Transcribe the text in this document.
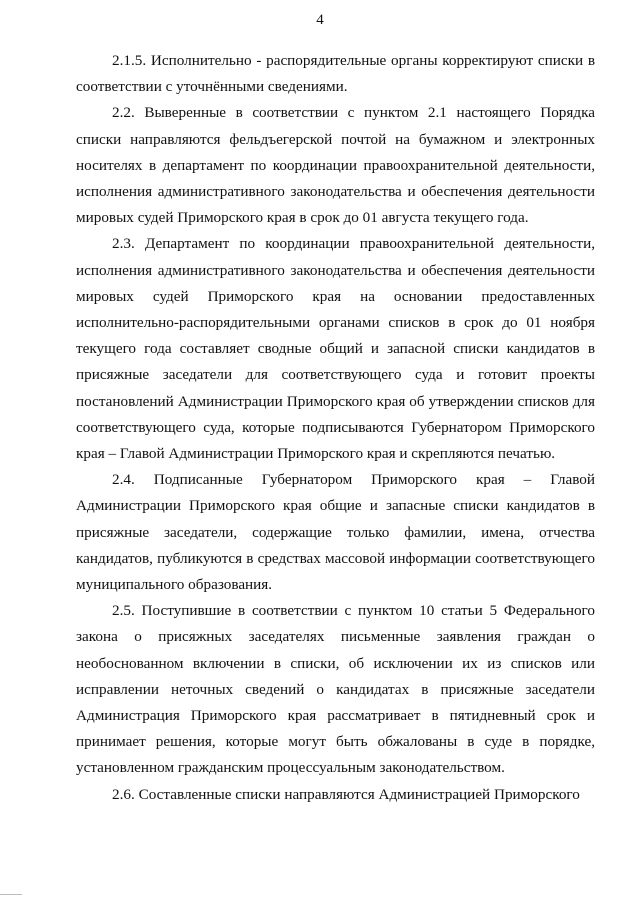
4

2.1.5. Исполнительно - распорядительные органы корректируют списки в соответствии с уточнёнными сведениями.

2.2. Выверенные в соответствии с пунктом 2.1 настоящего Порядка списки направляются фельдъегерской почтой на бумажном и электронных носителях в департамент по координации правоохранительной деятельности, исполнения административного законодательства и обеспечения деятельности мировых судей Приморского края в срок до 01 августа текущего года.

2.3. Департамент по координации правоохранительной деятельности, исполнения административного законодательства и обеспечения деятельности мировых судей Приморского края на основании предоставленных исполнительно-распорядительными органами списков в срок до 01 ноября текущего года составляет сводные общий и запасной списки кандидатов в присяжные заседатели для соответствующего суда и готовит проекты постановлений Администрации Приморского края об утверждении списков для соответствующего суда, которые подписываются Губернатором Приморского края – Главой Администрации Приморского края и скрепляются печатью.

2.4. Подписанные Губернатором Приморского края – Главой Администрации Приморского края общие и запасные списки кандидатов в присяжные заседатели, содержащие только фамилии, имена, отчества кандидатов, публикуются в средствах массовой информации соответствующего муниципального образования.

2.5. Поступившие в соответствии с пунктом 10 статьи 5 Федерального закона о присяжных заседателях письменные заявления граждан о необоснованном включении в списки, об исключении их из списков или исправлении неточных сведений о кандидатах в присяжные заседатели Администрация Приморского края рассматривает в пятидневный срок и принимает решения, которые могут быть обжалованы в суде в порядке, установленном гражданским процессуальным законодательством.

2.6. Составленные списки направляются Администрацией Приморского
